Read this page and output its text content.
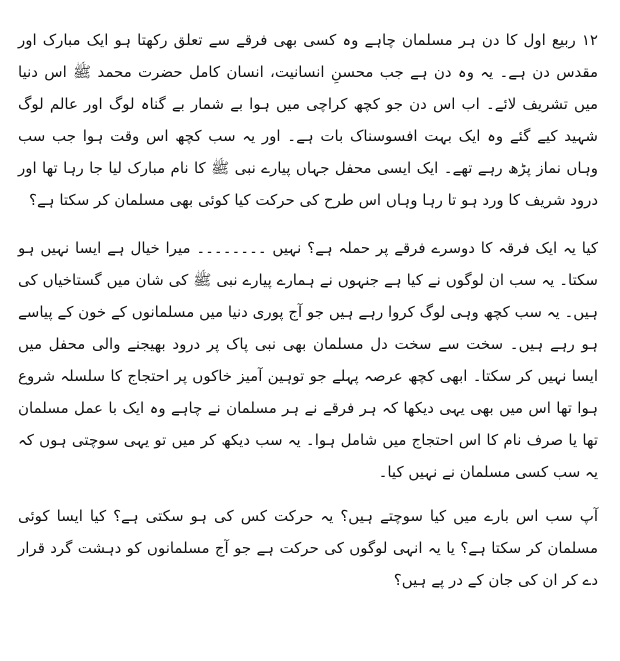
۱۲ ربیع اول کا دن ہر مسلمان چاہے وہ کسی بھی فرقے سے تعلق رکھتا ہو ایک مبارک اور مقدس دن ہے۔ یہ وہ دن ہے جب محسنِ انسانیت، انسان کامل حضرت محمد ﷺ اس دنیا میں تشریف لائے۔ اب اس دن جو کچھ کراچی میں ہوا بے شمار بے گناہ لوگ اور عالم لوگ شہید کیے گئے وہ ایک بہت افسوسناک بات ہے۔ اور یہ سب کچھ اس وقت ہوا جب سب وہاں نماز پڑھ رہے تھے۔ ایک ایسی محفل جہاں پیارے نبی ﷺ کا نام مبارک لیا جا رہا تھا اور درود شریف کا ورد ہو تا رہا وہاں اس طرح کی حرکت کیا کوئی بھی مسلمان کر سکتا ہے؟

کیا یہ ایک فرقہ کا دوسرے فرقے پر حملہ ہے؟ نہیں ۔۔۔۔۔۔۔۔ میرا خیال ہے ایسا نہیں ہو سکتا۔ یہ سب ان لوگوں نے کیا ہے جنہوں نے ہمارے پیارے نبی ﷺ کی شان میں گستاخیاں کی ہیں۔ یہ سب کچھ وہی لوگ کروا رہے ہیں جو آج پوری دنیا میں مسلمانوں کے خون کے پیاسے ہو رہے ہیں۔ سخت سے سخت دل مسلمان بھی نبی پاک پر درود بھیجنے والی محفل میں ایسا نہیں کر سکتا۔ ابھی کچھ عرصہ پہلے جو توہین آمیز خاکوں پر احتجاج کا سلسلہ شروع ہوا تھا اس میں بھی یہی دیکھا کہ ہر فرقے نے ہر مسلمان نے چاہے وہ ایک با عمل مسلمان تھا یا صرف نام کا اس احتجاج میں شامل ہوا۔ یہ سب دیکھ کر میں تو یہی سوچتی ہوں کہ یہ سب کسی مسلمان نے نہیں کیا۔

آپ سب اس بارے میں کیا سوچتے ہیں؟ یہ حرکت کس کی ہو سکتی ہے؟ کیا ایسا کوئی مسلمان کر سکتا ہے؟ یا یہ انہی لوگوں کی حرکت ہے جو آج مسلمانوں کو دہشت گرد قرار دے کر ان کی جان کے در پے ہیں؟
